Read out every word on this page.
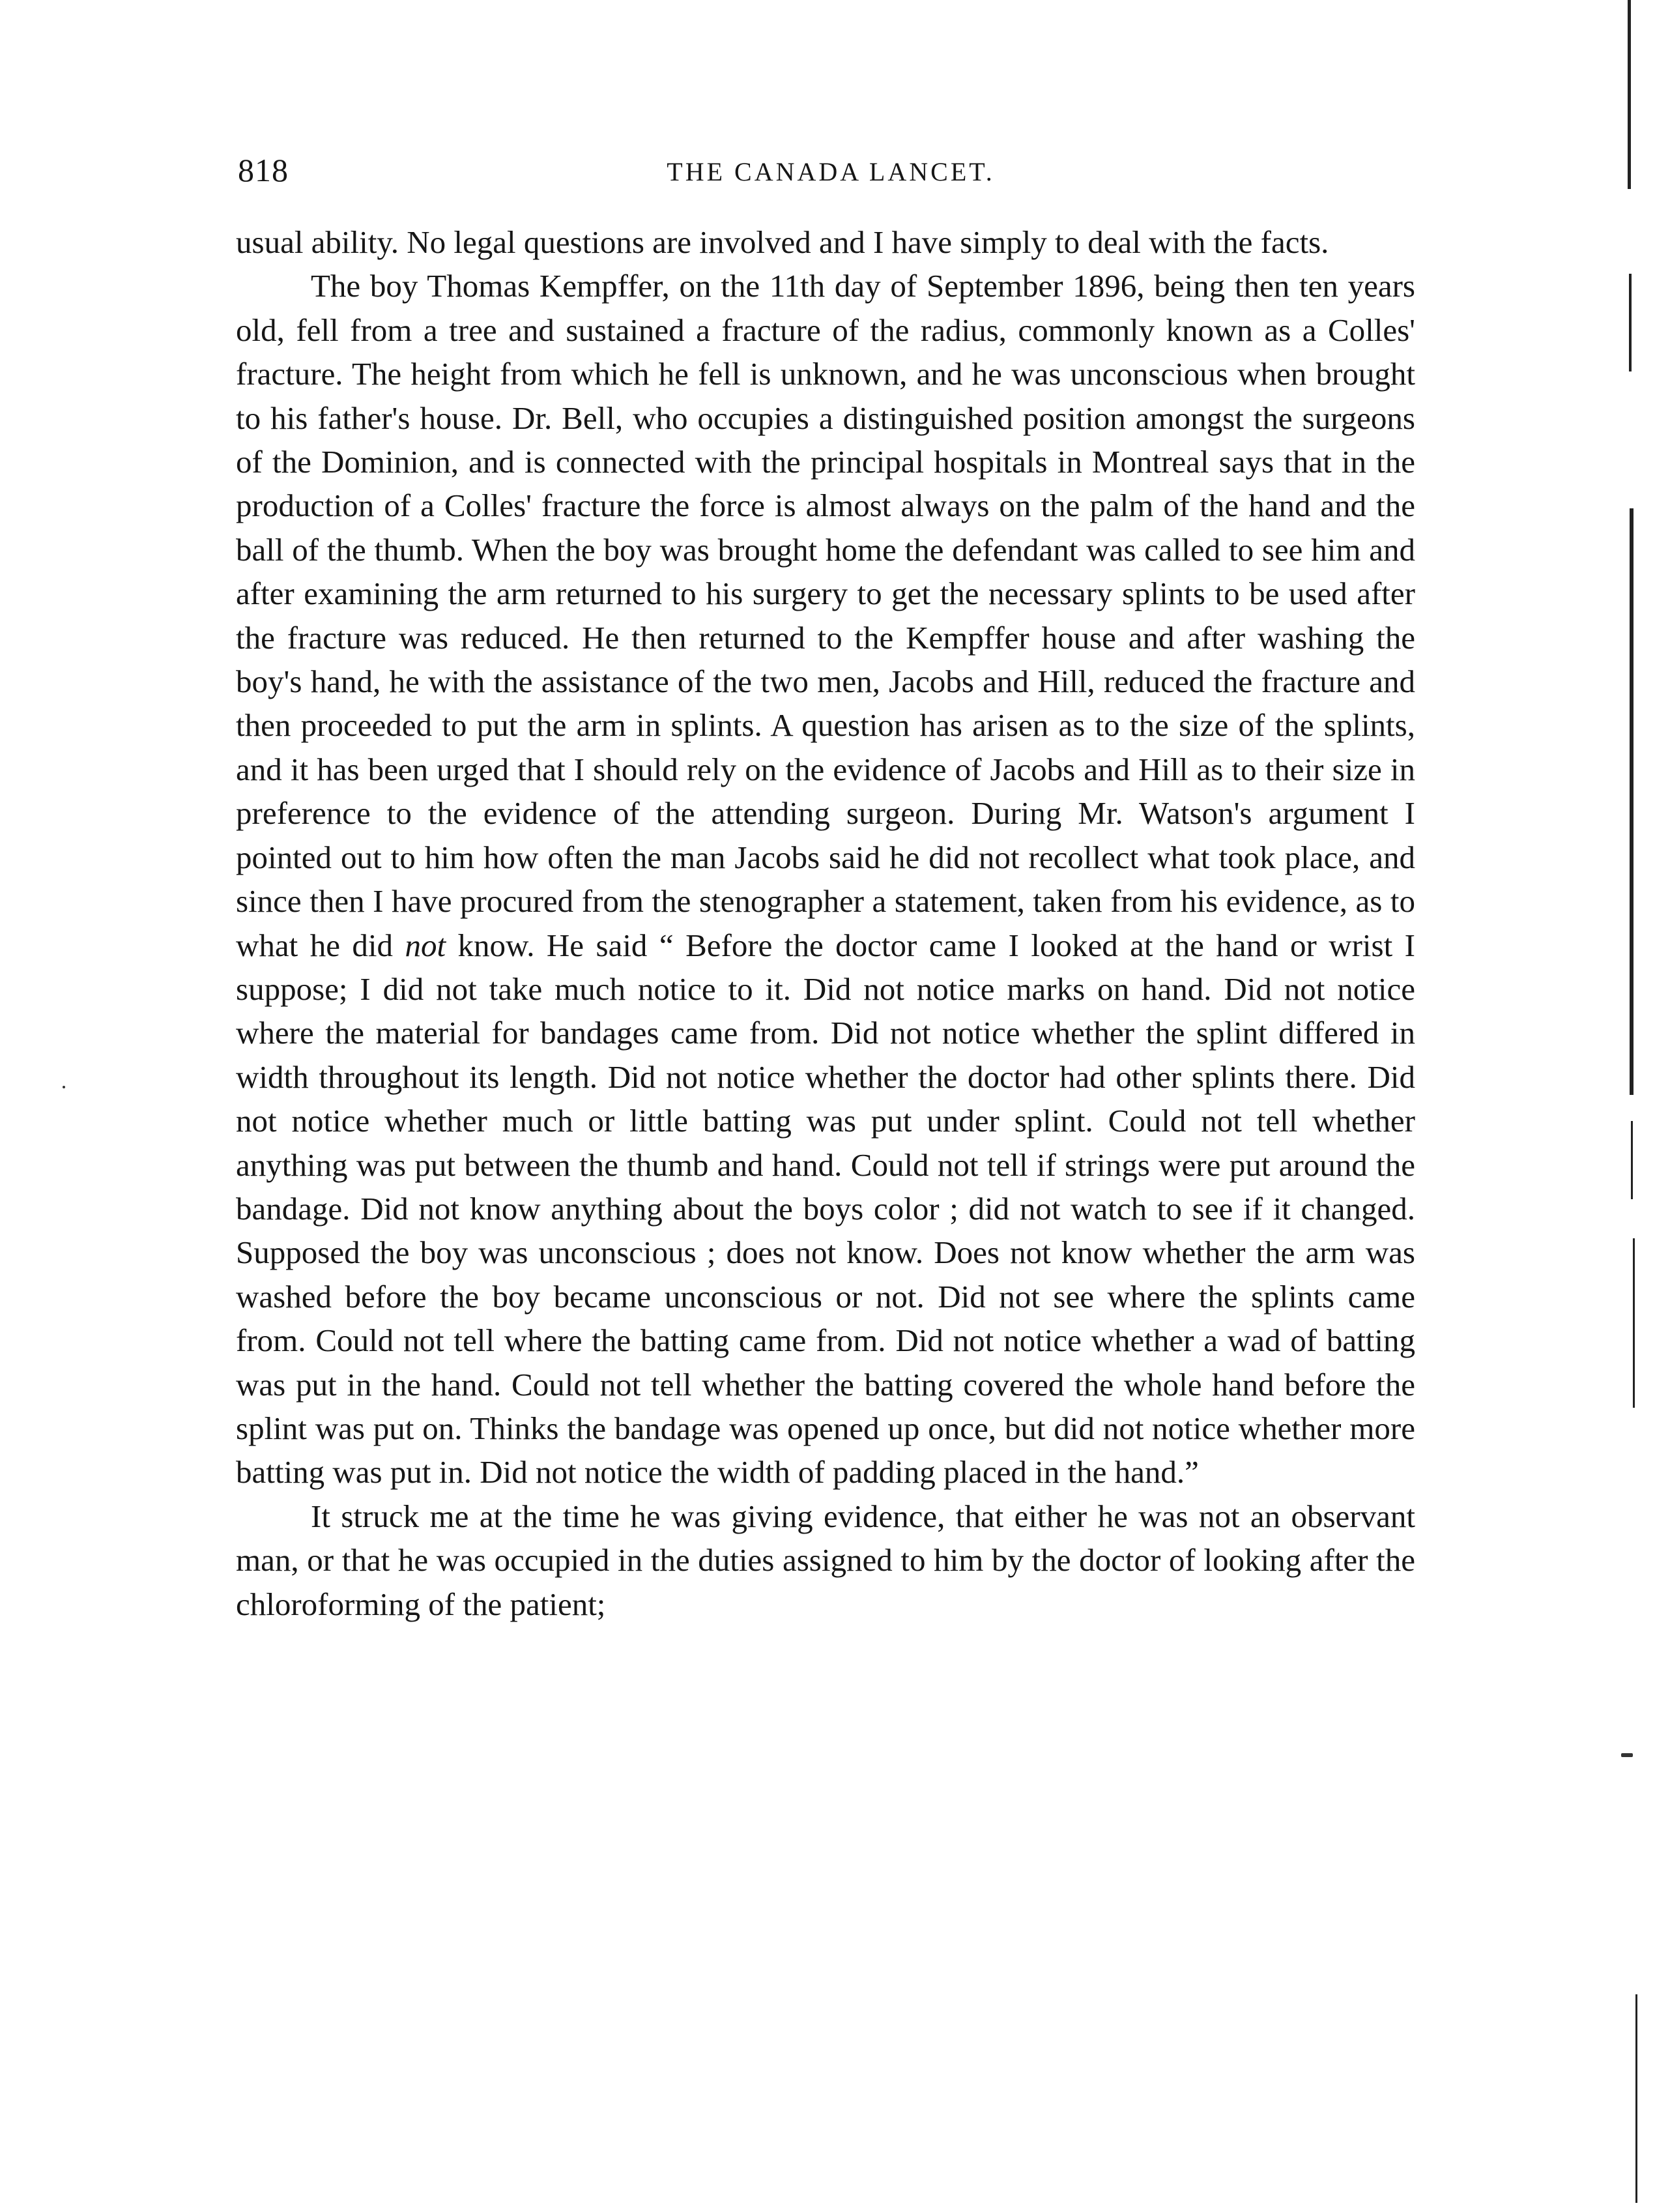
818	THE CANADA LANCET.

usual ability. No legal questions are involved and I have simply to deal with the facts.

The boy Thomas Kempffer, on the 11th day of September 1896, being then ten years old, fell from a tree and sustained a fracture of the radius, commonly known as a Colles' fracture. The height from which he fell is unknown, and he was unconscious when brought to his father's house. Dr. Bell, who occupies a distinguished position amongst the surgeons of the Dominion, and is connected with the principal hospitals in Montreal says that in the production of a Colles' fracture the force is almost always on the palm of the hand and the ball of the thumb. When the boy was brought home the defendant was called to see him and after examining the arm returned to his surgery to get the necessary splints to be used after the fracture was reduced. He then returned to the Kempffer house and after washing the boy's hand, he with the assistance of the two men, Jacobs and Hill, reduced the fracture and then proceeded to put the arm in splints. A question has arisen as to the size of the splints, and it has been urged that I should rely on the evidence of Jacobs and Hill as to their size in preference to the evidence of the attending surgeon. During Mr. Watson's argument I pointed out to him how often the man Jacobs said he did not recollect what took place, and since then I have procured from the stenographer a statement, taken from his evidence, as to what he did not know. He said “ Before the doctor came I looked at the hand or wrist I suppose; I did not take much notice to it. Did not notice marks on hand. Did not notice where the material for bandages came from. Did not notice whether the splint differed in width throughout its length. Did not notice whether the doctor had other splints there. Did not notice whether much or little batting was put under splint. Could not tell whether anything was put between the thumb and hand. Could not tell if strings were put around the bandage. Did not know anything about the boys color ; did not watch to see if it changed. Supposed the boy was unconscious ; does not know. Does not know whether the arm was washed before the boy became unconscious or not. Did not see where the splints came from. Could not tell where the batting came from. Did not notice whether a wad of batting was put in the hand. Could not tell whether the batting covered the whole hand before the splint was put on. Thinks the bandage was opened up once, but did not notice whether more batting was put in. Did not notice the width of padding placed in the hand.”

It struck me at the time he was giving evidence, that either he was not an observant man, or that he was occupied in the duties assigned to him by the doctor of looking after the chloroforming of the patient;
